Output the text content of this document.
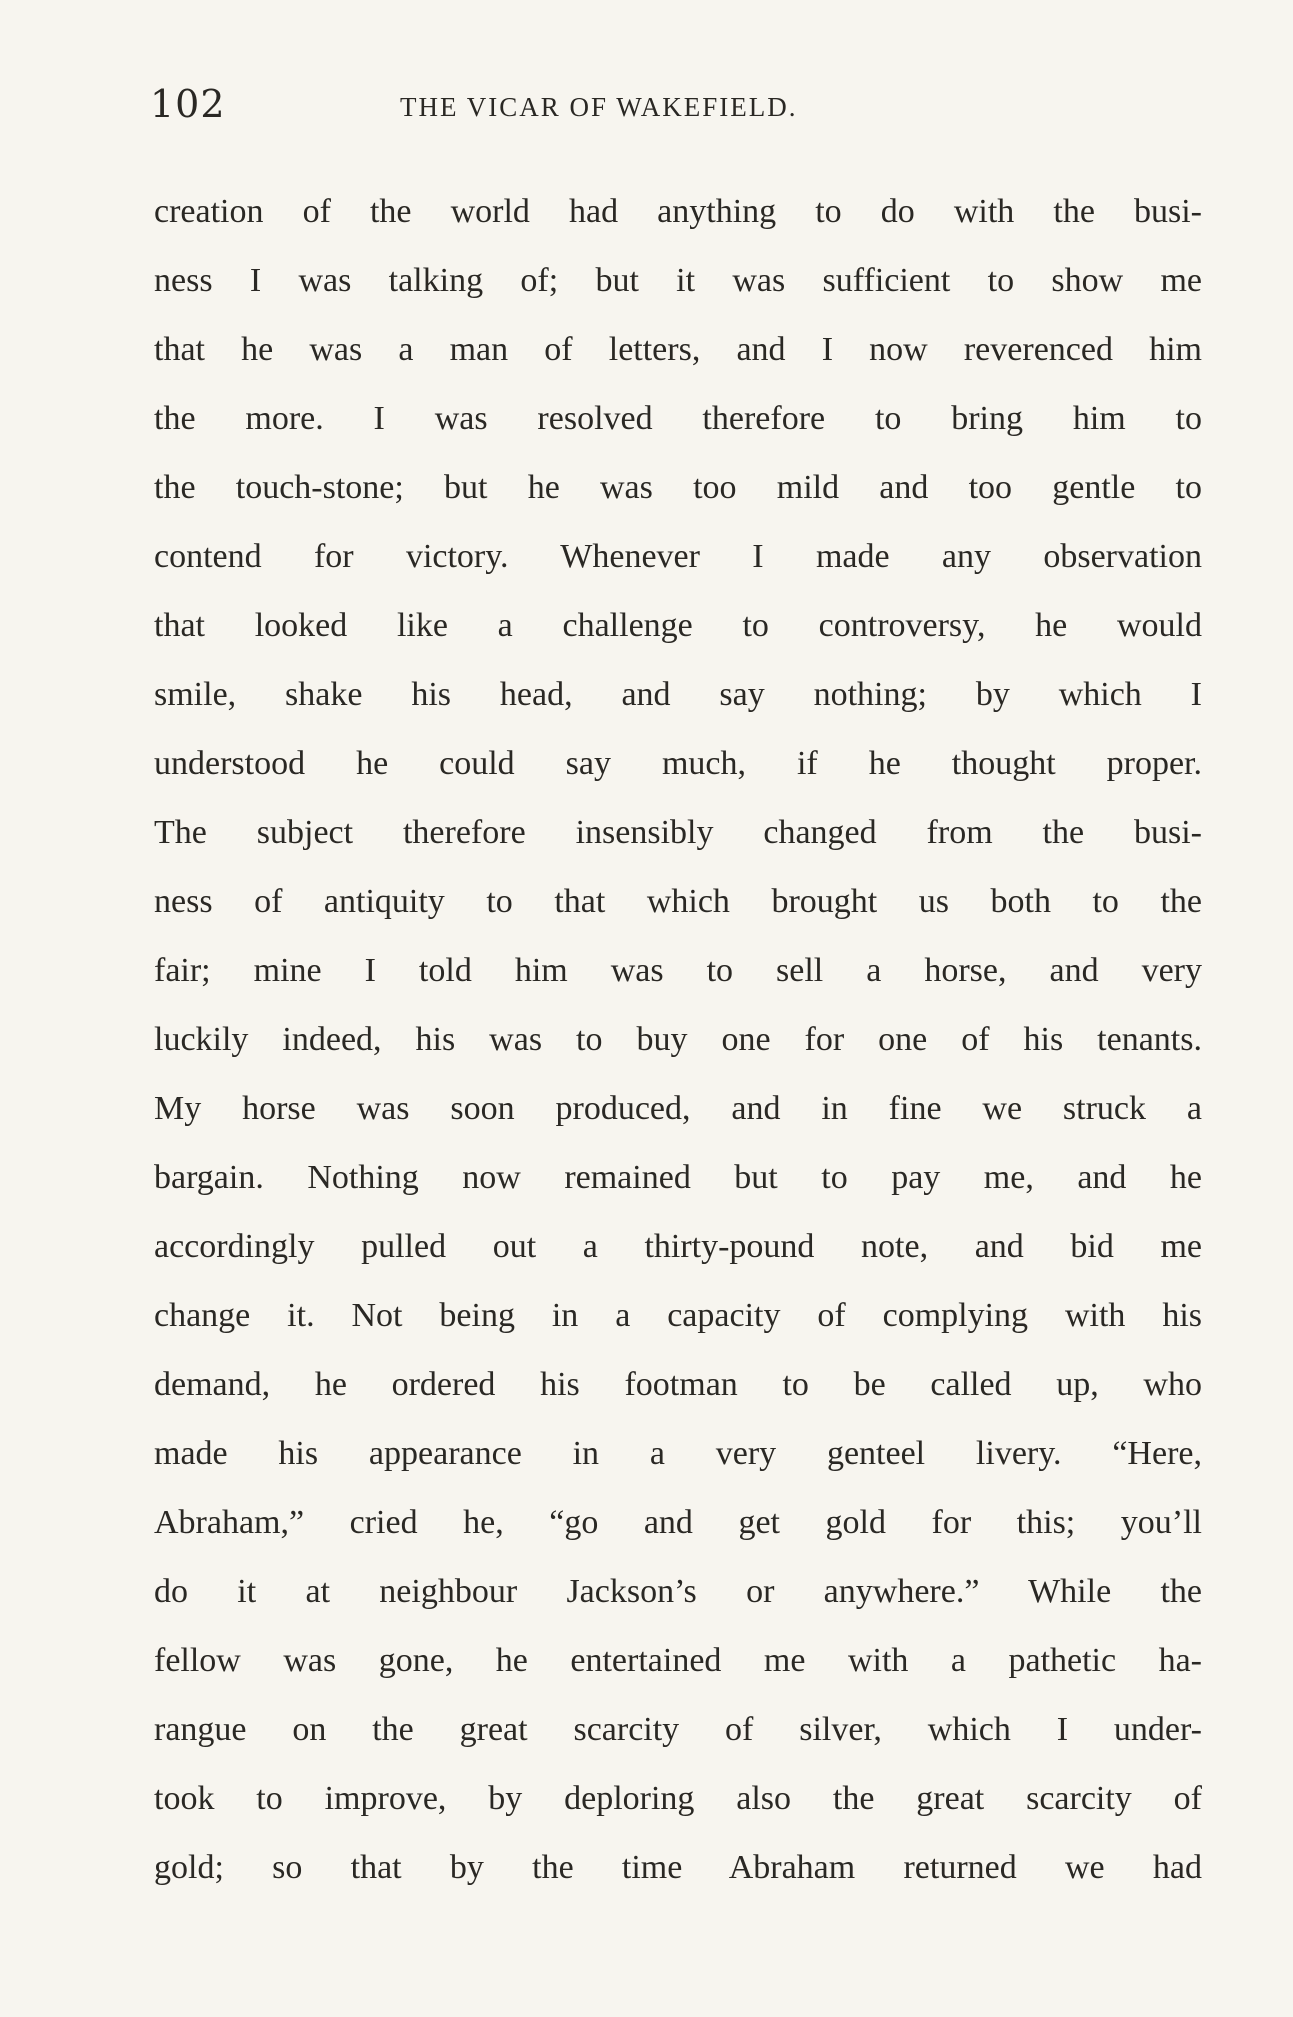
102	THE VICAR OF WAKEFIELD.
creation of the world had anything to do with the busi-
ness I was talking of; but it was sufficient to show me
that he was a man of letters, and I now reverenced him
the more. I was resolved therefore to bring him to
the touch-stone; but he was too mild and too gentle to
contend for victory. Whenever I made any observation
that looked like a challenge to controversy, he would
smile, shake his head, and say nothing; by which I
understood he could say much, if he thought proper.
The subject therefore insensibly changed from the busi-
ness of antiquity to that which brought us both to the
fair; mine I told him was to sell a horse, and very
luckily indeed, his was to buy one for one of his tenants.
My horse was soon produced, and in fine we struck a
bargain. Nothing now remained but to pay me, and he
accordingly pulled out a thirty-pound note, and bid me
change it. Not being in a capacity of complying with his
demand, he ordered his footman to be called up, who
made his appearance in a very genteel livery. “Here,
Abraham,” cried he, “go and get gold for this; you’ll
do it at neighbour Jackson’s or anywhere.” While the
fellow was gone, he entertained me with a pathetic ha-
rangue on the great scarcity of silver, which I under-
took to improve, by deploring also the great scarcity of
gold; so that by the time Abraham returned we had
